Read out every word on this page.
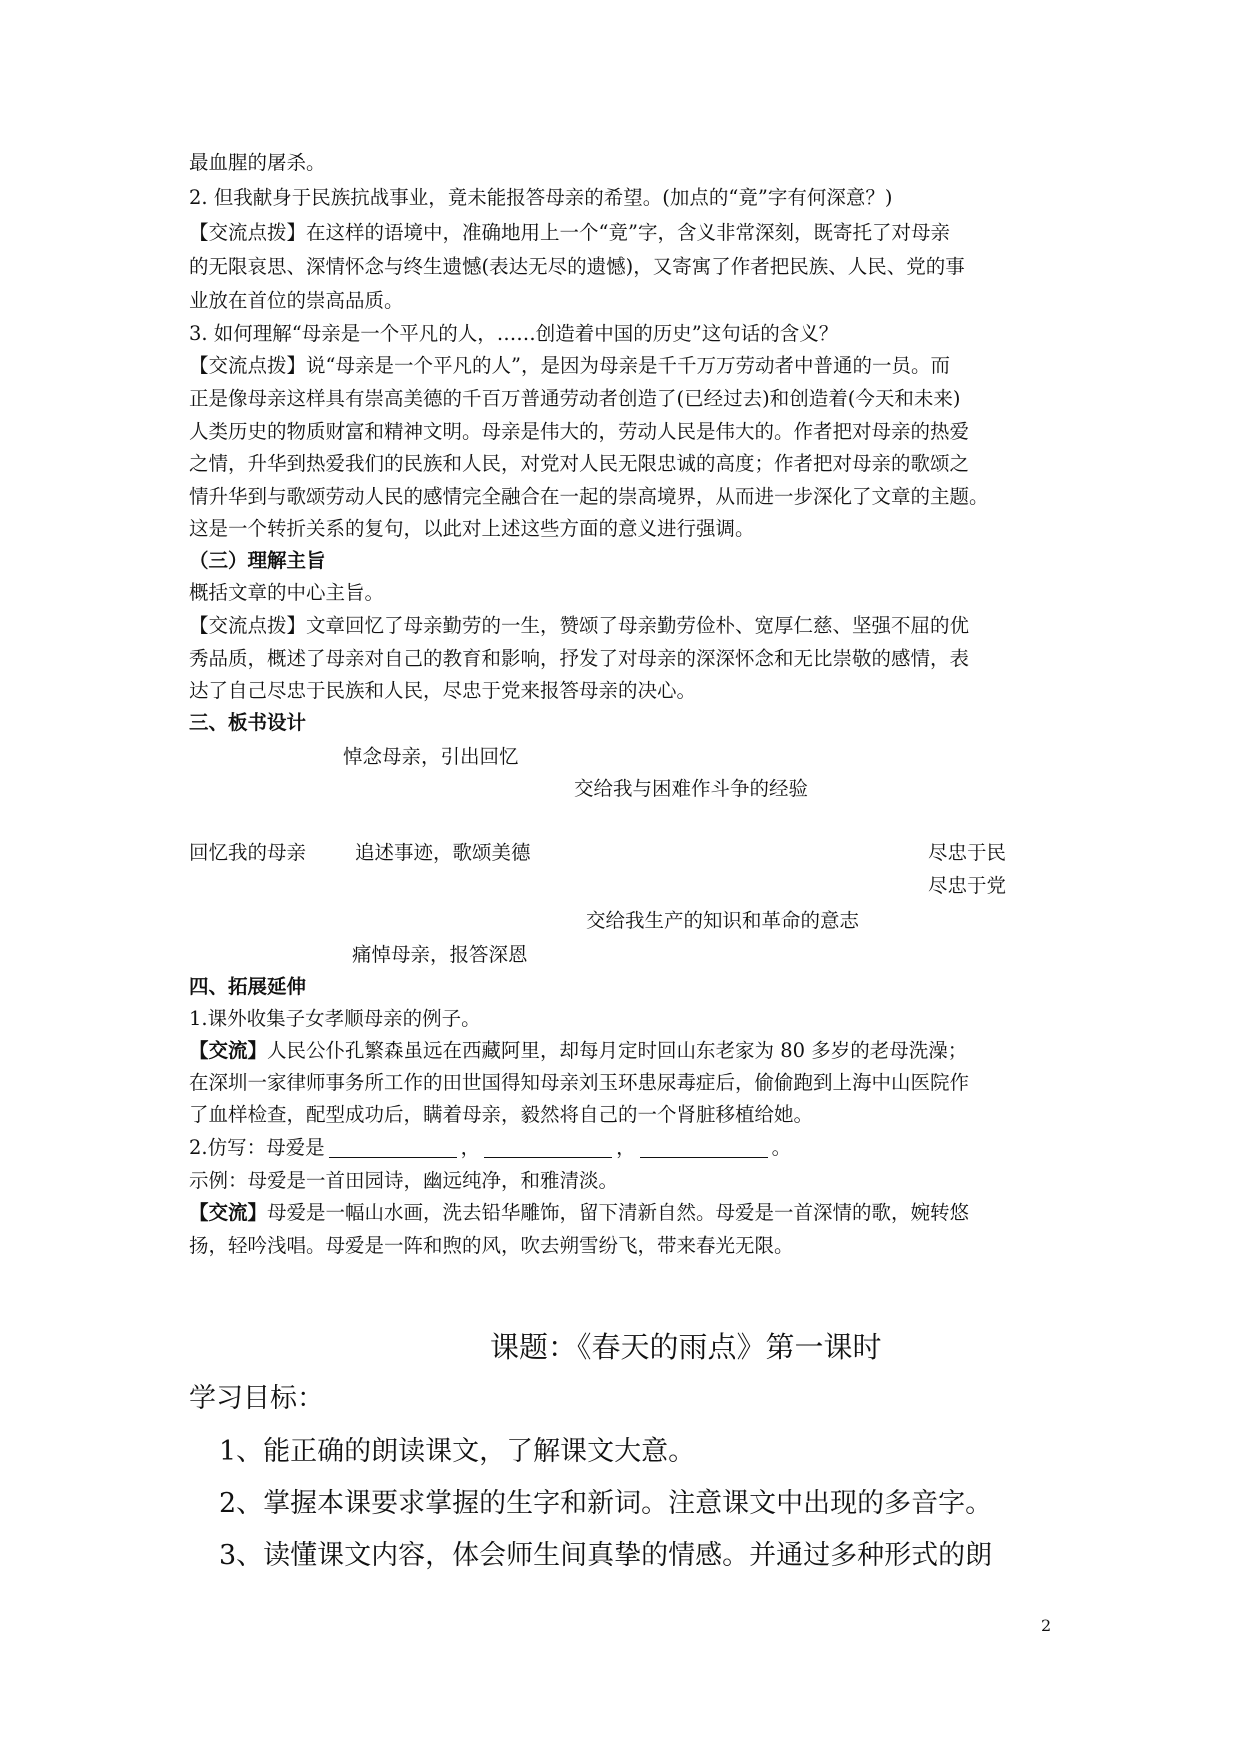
最血腥的屠杀。
2. 但我献身于民族抗战事业，竟未能报答母亲的希望。(加点的“竟”字有何深意？)
【交流点拨】在这样的语境中，准确地用上一个“竟”字，含义非常深刻，既寄托了对母亲
的无限哀思、深情怀念与终生遗憾(表达无尽的遗憾)，又寄寓了作者把民族、人民、党的事
业放在首位的崇高品质。
3. 如何理解“母亲是一个平凡的人，……创造着中国的历史”这句话的含义？
【交流点拨】说“母亲是一个平凡的人”，是因为母亲是千千万万劳动者中普通的一员。而
正是像母亲这样具有崇高美德的千百万普通劳动者创造了(已经过去)和创造着(今天和未来)
人类历史的物质财富和精神文明。母亲是伟大的，劳动人民是伟大的。作者把对母亲的热爱
之情，升华到热爱我们的民族和人民，对党对人民无限忠诚的高度；作者把对母亲的歌颂之
情升华到与歌颂劳动人民的感情完全融合在一起的崇高境界，从而进一步深化了文章的主题。
这是一个转折关系的复句，以此对上述这些方面的意义进行强调。
（三）理解主旨
概括文章的中心主旨。
【交流点拨】文章回忆了母亲勤劳的一生，赞颂了母亲勤劳俭朴、宽厚仁慈、坚强不屈的优
秀品质，概述了母亲对自己的教育和影响，抒发了对母亲的深深怀念和无比崇敬的感情，表
达了自己尽忠于民族和人民，尽忠于党来报答母亲的决心。
三、板书设计
悼念母亲，引出回忆
交给我与困难作斗争的经验
回忆我的母亲	追述事迹，歌颂美德	尽忠于民
尽忠于党
交给我生产的知识和革命的意志
痛悼母亲，报答深恩
四、拓展延伸
1.课外收集子女孝顺母亲的例子。
【交流】人民公仆孔繁森虽远在西藏阿里，却每月定时回山东老家为 80 多岁的老母洗澡；
在深圳一家律师事务所工作的田世国得知母亲刘玉环患尿毒症后，偷偷跑到上海中山医院作
了血样检查，配型成功后，瞒着母亲，毅然将自己的一个肾脏移植给她。
2.仿写：母爱是	，	，	。
示例：母爱是一首田园诗，幽远纯净，和雅清淡。
【交流】母爱是一幅山水画，洗去铅华雕饰，留下清新自然。母爱是一首深情的歌，婉转悠
扬，轻吟浅唱。母爱是一阵和煦的风，吹去朔雪纷飞，带来春光无限。
课题：《春天的雨点》第一课时
学习目标：
1、能正确的朗读课文，了解课文大意。
2、掌握本课要求掌握的生字和新词。注意课文中出现的多音字。
3、读懂课文内容，体会师生间真挚的情感。并通过多种形式的朗
2
